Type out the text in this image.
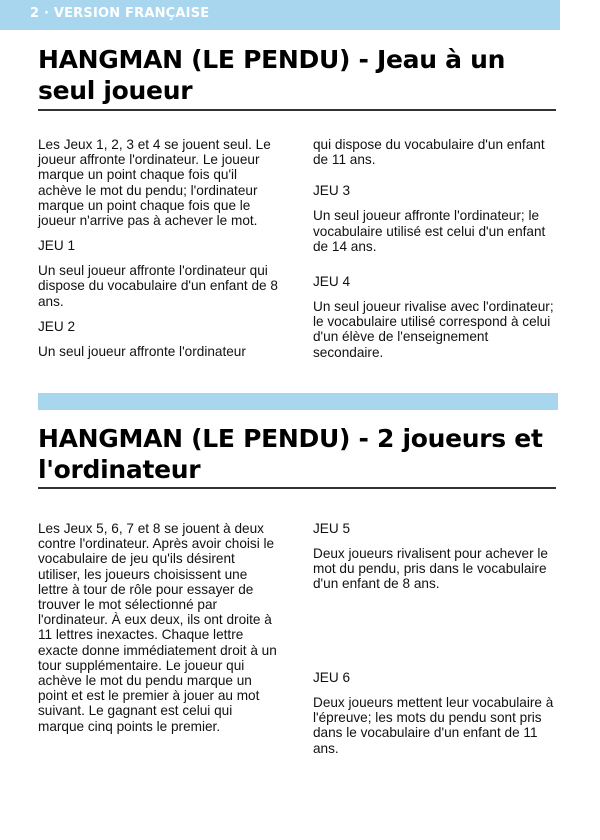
2 · VERSION FRANÇAISE
HANGMAN (LE PENDU) - Jeau à un seul joueur

Les Jeux 1, 2, 3 et 4 se jouent seul. Le joueur affronte l'ordinateur. Le joueur marque un point chaque fois qu'il achève le mot du pendu; l'ordinateur marque un point chaque fois que le joueur n'arrive pas à achever le mot.

JEU 1

Un seul joueur affronte l'ordinateur qui dispose du vocabulaire d'un enfant de 8 ans.

JEU 2

Un seul joueur affronte l'ordinateur

qui dispose du vocabulaire d'un enfant de 11 ans.

JEU 3

Un seul joueur affronte l'ordinateur; le vocabulaire utilisé est celui d'un enfant de 14 ans.

JEU 4

Un seul joueur rivalise avec l'ordinateur; le vocabulaire utilisé correspond à celui d'un élève de l'enseignement secondaire.

HANGMAN (LE PENDU) - 2 joueurs et l'ordinateur

Les Jeux 5, 6, 7 et 8 se jouent à deux contre l'ordinateur. Après avoir choisi le vocabulaire de jeu qu'ils désirent utiliser, les joueurs choisissent une lettre à tour de rôle pour essayer de trouver le mot sélectionné par l'ordinateur. À eux deux, ils ont droite à 11 lettres inexactes. Chaque lettre exacte donne immédiatement droit à un tour supplémentaire. Le joueur qui achève le mot du pendu marque un point et est le premier à jouer au mot suivant. Le gagnant est celui qui marque cinq points le premier.

JEU 5

Deux joueurs rivalisent pour achever le mot du pendu, pris dans le vocabulaire d'un enfant de 8 ans.

JEU 6

Deux joueurs mettent leur vocabulaire à l'épreuve; les mots du pendu sont pris dans le vocabulaire d'un enfant de 11 ans.
